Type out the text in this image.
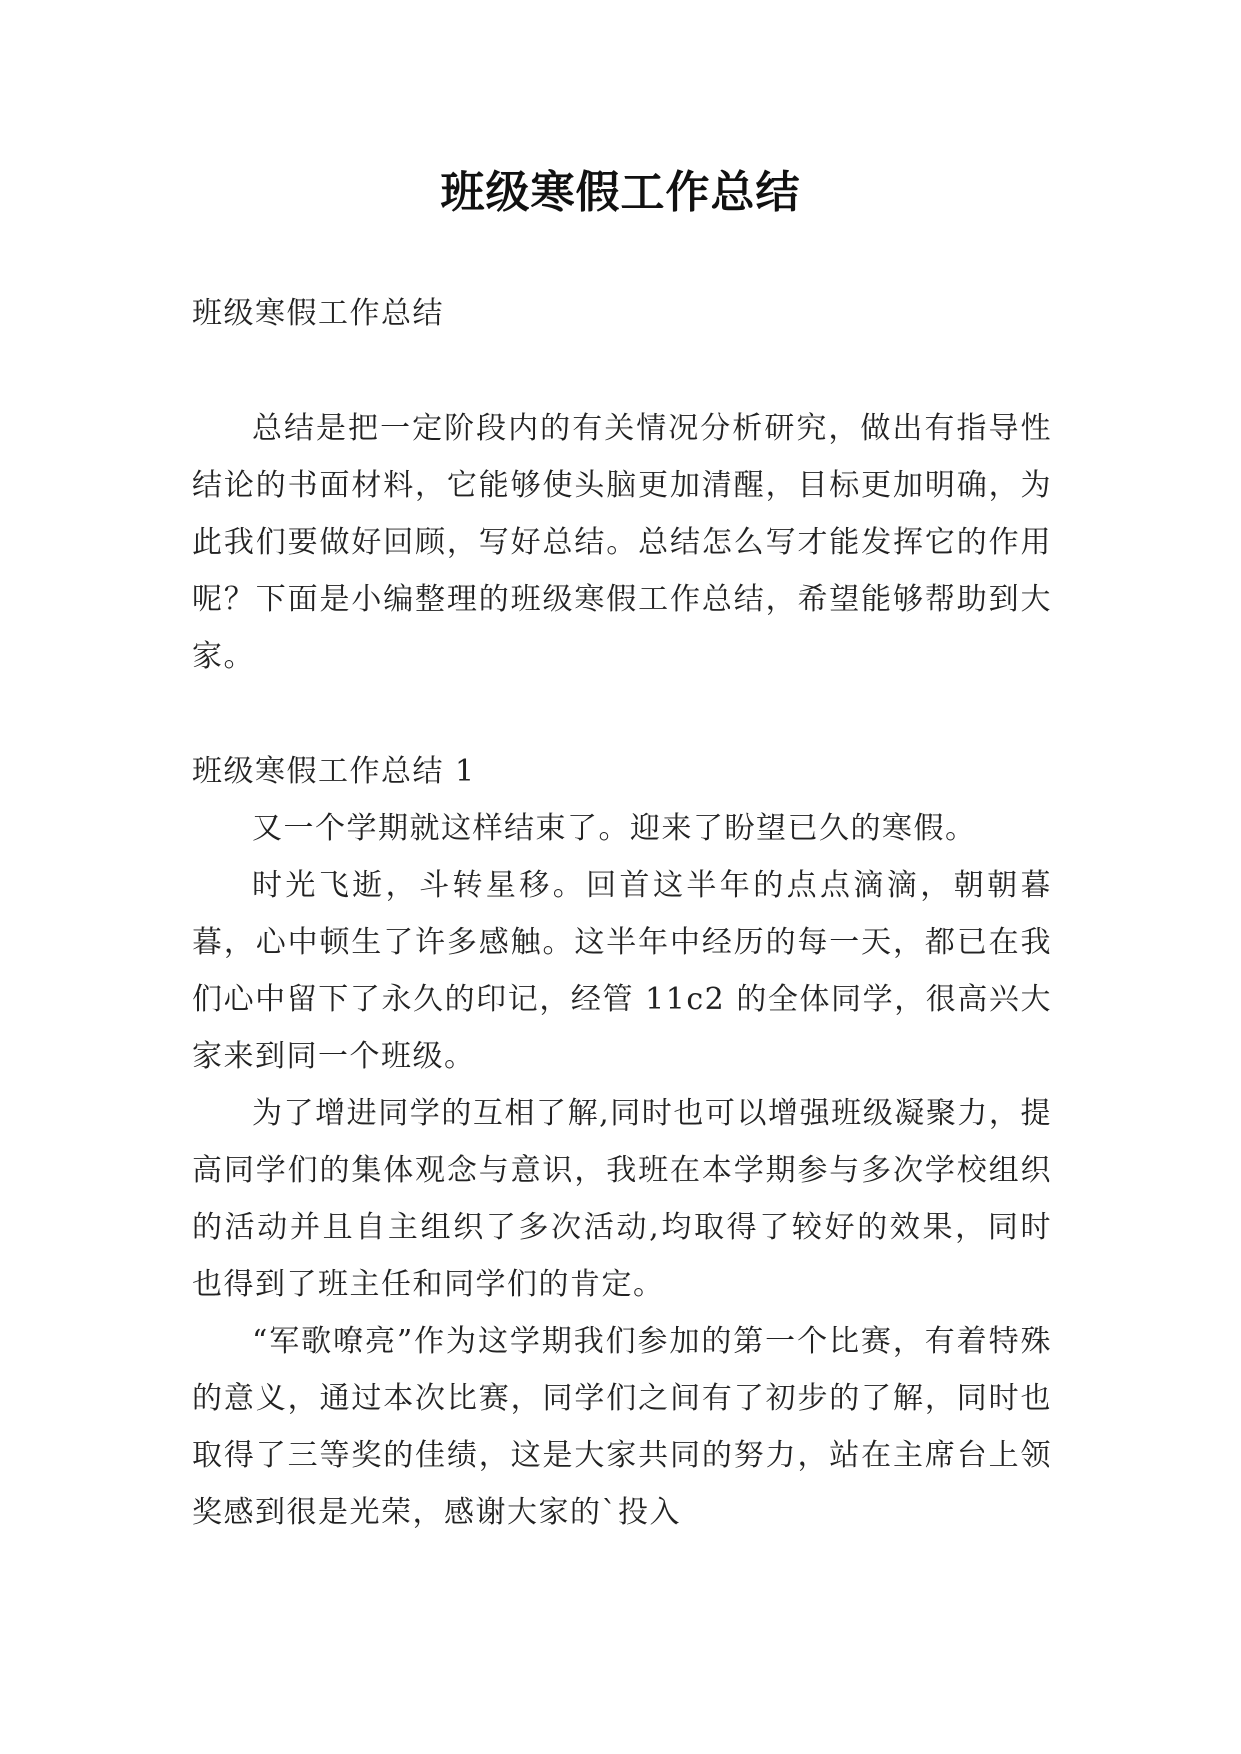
班级寒假工作总结

班级寒假工作总结

总结是把一定阶段内的有关情况分析研究，做出有指导性结论的书面材料，它能够使头脑更加清醒，目标更加明确，为此我们要做好回顾，写好总结。总结怎么写才能发挥它的作用呢？下面是小编整理的班级寒假工作总结，希望能够帮助到大家。

班级寒假工作总结 1

又一个学期就这样结束了。迎来了盼望已久的寒假。

时光飞逝，斗转星移。回首这半年的点点滴滴，朝朝暮暮，心中顿生了许多感触。这半年中经历的每一天，都已在我们心中留下了永久的印记，经管 11c2 的全体同学，很高兴大家来到同一个班级。

为了增进同学的互相了解,同时也可以增强班级凝聚力，提高同学们的集体观念与意识，我班在本学期参与多次学校组织的活动并且自主组织了多次活动,均取得了较好的效果，同时也得到了班主任和同学们的肯定。

“军歌嘹亮”作为这学期我们参加的第一个比赛，有着特殊的意义，通过本次比赛，同学们之间有了初步的了解，同时也取得了三等奖的佳绩，这是大家共同的努力，站在主席台上领奖感到很是光荣，感谢大家的`投入
